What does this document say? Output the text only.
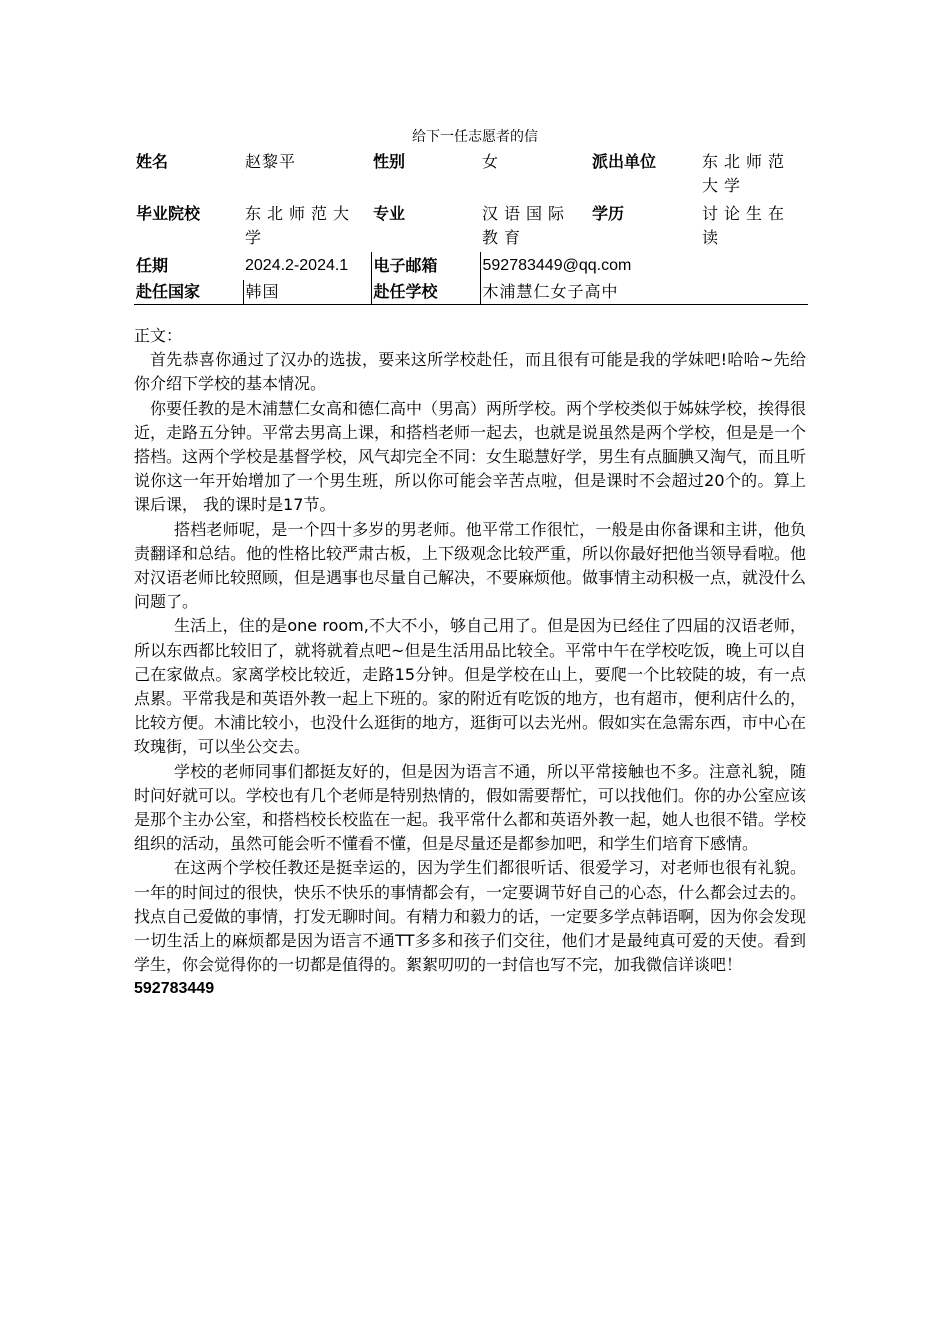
给下一任志愿者的信
姓名	赵黎平	性别	女	派出单位	东北师范大学
毕业院校	东北师范大学	专业	汉语国际教育	学历	讨论生在读
任期	2024.2-2024.1	电子邮箱	592783449@qq.com		
赴任国家	韩国	赴任学校	木浦慧仁女子高中		

正文：

首先恭喜你通过了汉办的选拔，要来这所学校赴任，而且很有可能是我的学妹吧!哈哈~先给你介绍下学校的基本情况。

你要任教的是木浦慧仁女高和德仁高中（男高）两所学校。两个学校类似于姊妹学校，挨得很近，走路五分钟。平常去男高上课，和搭档老师一起去，也就是说虽然是两个学校，但是是一个搭档。这两个学校是基督学校，风气却完全不同：女生聪慧好学，男生有点腼腆又淘气，而且听说你这一年开始增加了一个男生班，所以你可能会辛苦点啦，但是课时不会超过20个的。算上课后课， 我的课时是17节。

搭档老师呢，是一个四十多岁的男老师。他平常工作很忙，一般是由你备课和主讲，他负责翻译和总结。他的性格比较严肃古板，上下级观念比较严重，所以你最好把他当领导看啦。他对汉语老师比较照顾，但是遇事也尽量自己解决，不要麻烦他。做事情主动积极一点，就没什么问题了。

生活上，住的是one room,不大不小，够自己用了。但是因为已经住了四届的汉语老师，所以东西都比较旧了，就将就着点吧~但是生活用品比较全。平常中午在学校吃饭，晚上可以自己在家做点。家离学校比较近，走路15分钟。但是学校在山上，要爬一个比较陡的坡，有一点点累。平常我是和英语外教一起上下班的。家的附近有吃饭的地方，也有超市，便利店什么的，比较方便。木浦比较小，也没什么逛街的地方，逛街可以去光州。假如实在急需东西，市中心在玫瑰街，可以坐公交去。

学校的老师同事们都挺友好的，但是因为语言不通，所以平常接触也不多。注意礼貌，随时问好就可以。学校也有几个老师是特别热情的，假如需要帮忙，可以找他们。你的办公室应该是那个主办公室，和搭档校长校监在一起。我平常什么都和英语外教一起，她人也很不错。学校组织的活动，虽然可能会听不懂看不懂，但是尽量还是都参加吧，和学生们培育下感情。

在这两个学校任教还是挺幸运的，因为学生们都很听话、很爱学习，对老师也很有礼貌。一年的时间过的很快，快乐不快乐的事情都会有，一定要调节好自己的心态，什么都会过去的。找点自己爱做的事情，打发无聊时间。有精力和毅力的话，一定要多学点韩语啊，因为你会发现一切生活上的麻烦都是因为语言不通TT多多和孩子们交往，他们才是最纯真可爱的天使。看到学生，你会觉得你的一切都是值得的。絮絮叨叨的一封信也写不完，加我微信详谈吧！

592783449
